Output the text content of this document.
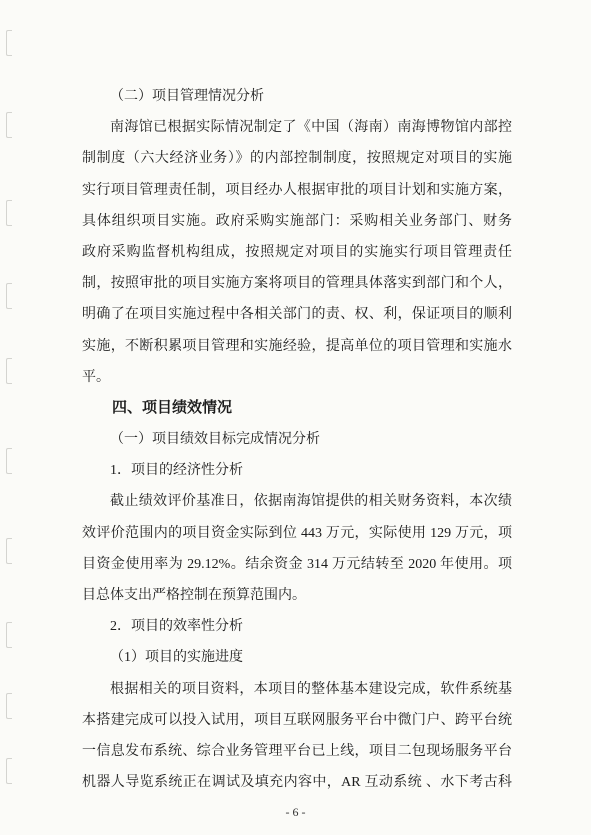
（二）项目管理情况分析
南海馆已根据实际情况制定了《中国（海南）南海博物馆内部控
制制度（六大经济业务）》的内部控制制度，按照规定对项目的实施
实行项目管理责任制，项目经办人根据审批的项目计划和实施方案，
具体组织项目实施。政府采购实施部门：采购相关业务部门、财务
政府采购监督机构组成，按照规定对项目的实施实行项目管理责任
制，按照审批的项目实施方案将项目的管理具体落实到部门和个人，
明确了在项目实施过程中各相关部门的责、权、利，保证项目的顺利
实施，不断积累项目管理和实施经验，提高单位的项目管理和实施水
平。
四、项目绩效情况
（一）项目绩效目标完成情况分析
1．项目的经济性分析
截止绩效评价基准日，依据南海馆提供的相关财务资料，本次绩
效评价范围内的项目资金实际到位 443 万元，实际使用 129 万元，项
目资金使用率为 29.12%。结余资金 314 万元结转至 2020 年使用。项
目总体支出严格控制在预算范围内。
2．项目的效率性分析
（1）项目的实施进度
根据相关的项目资料，本项目的整体基本建设完成，软件系统基
本搭建完成可以投入试用，项目互联网服务平台中微门户、跨平台统
一信息发布系统、综合业务管理平台已上线，项目二包现场服务平台
机器人导览系统正在调试及填充内容中，AR 互动系统 、水下考古科
- 6 -
